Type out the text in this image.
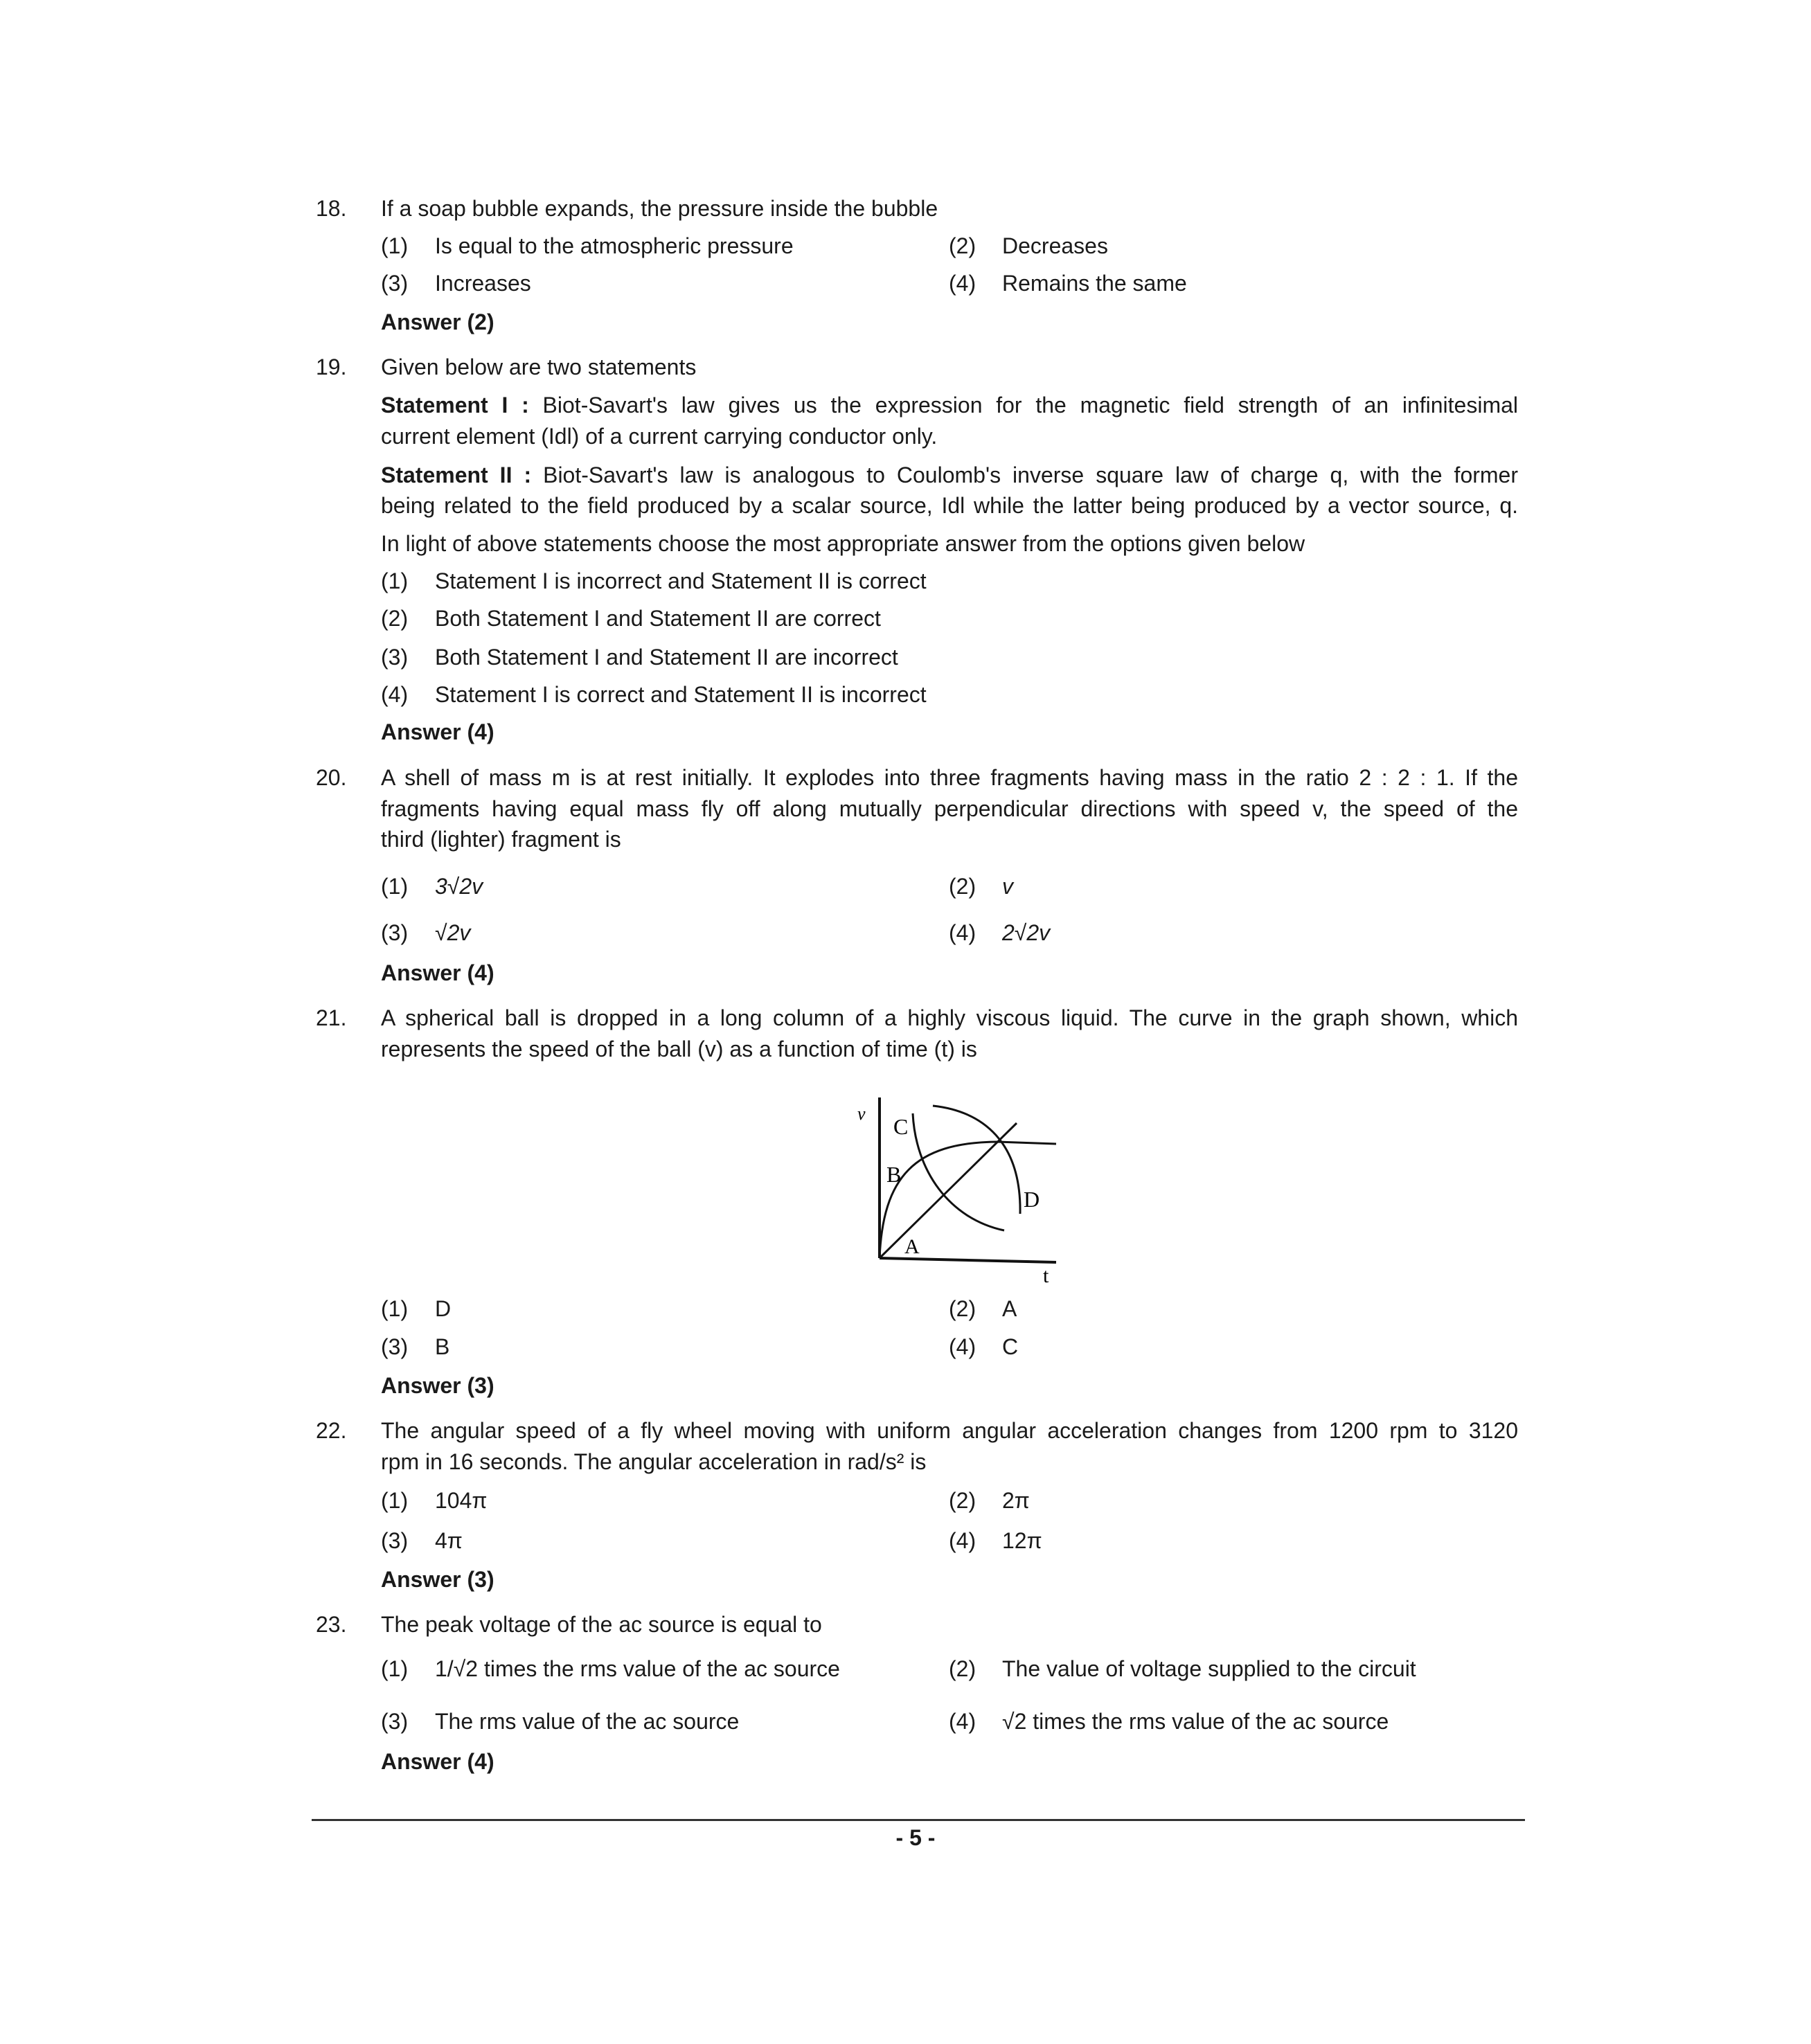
18. If a soap bubble expands, the pressure inside the bubble
(1) Is equal to the atmospheric pressure	(2) Decreases
(3) Increases	(4) Remains the same
Answer (2)
19. Given below are two statements
Statement I : Biot-Savart's law gives us the expression for the magnetic field strength of an infinitesimal
current element (Idl) of a current carrying conductor only.
Statement II : Biot-Savart's law is analogous to Coulomb's inverse square law of charge q, with the former
being related to the field produced by a scalar source, Idl while the latter being produced by a vector source, q.
In light of above statements choose the most appropriate answer from the options given below
(1) Statement I is incorrect and Statement II is correct
(2) Both Statement I and Statement II are correct
(3) Both Statement I and Statement II are incorrect
(4) Statement I is correct and Statement II is incorrect
Answer (4)
20. A shell of mass m is at rest initially. It explodes into three fragments having mass in the ratio 2 : 2 : 1. If the
fragments having equal mass fly off along mutually perpendicular directions with speed v, the speed of the
third (lighter) fragment is
(1) 3√2v	(2) v
(3) √2v	(4) 2√2v
Answer (4)
21. A spherical ball is dropped in a long column of a highly viscous liquid. The curve in the graph shown, which
represents the speed of the ball (v) as a function of time (t) is
v
t
C
B
D
A
(1) D	(2) A
(3) B	(4) C
Answer (3)
22. The angular speed of a fly wheel moving with uniform angular acceleration changes from 1200 rpm to 3120
rpm in 16 seconds. The angular acceleration in rad/s² is
(1) 104π	(2) 2π
(3) 4π	(4) 12π
Answer (3)
23. The peak voltage of the ac source is equal to
(1) 1/√2 times the rms value of the ac source	(2) The value of voltage supplied to the circuit
(3) The rms value of the ac source	(4) √2 times the rms value of the ac source
Answer (4)
- 5 -
